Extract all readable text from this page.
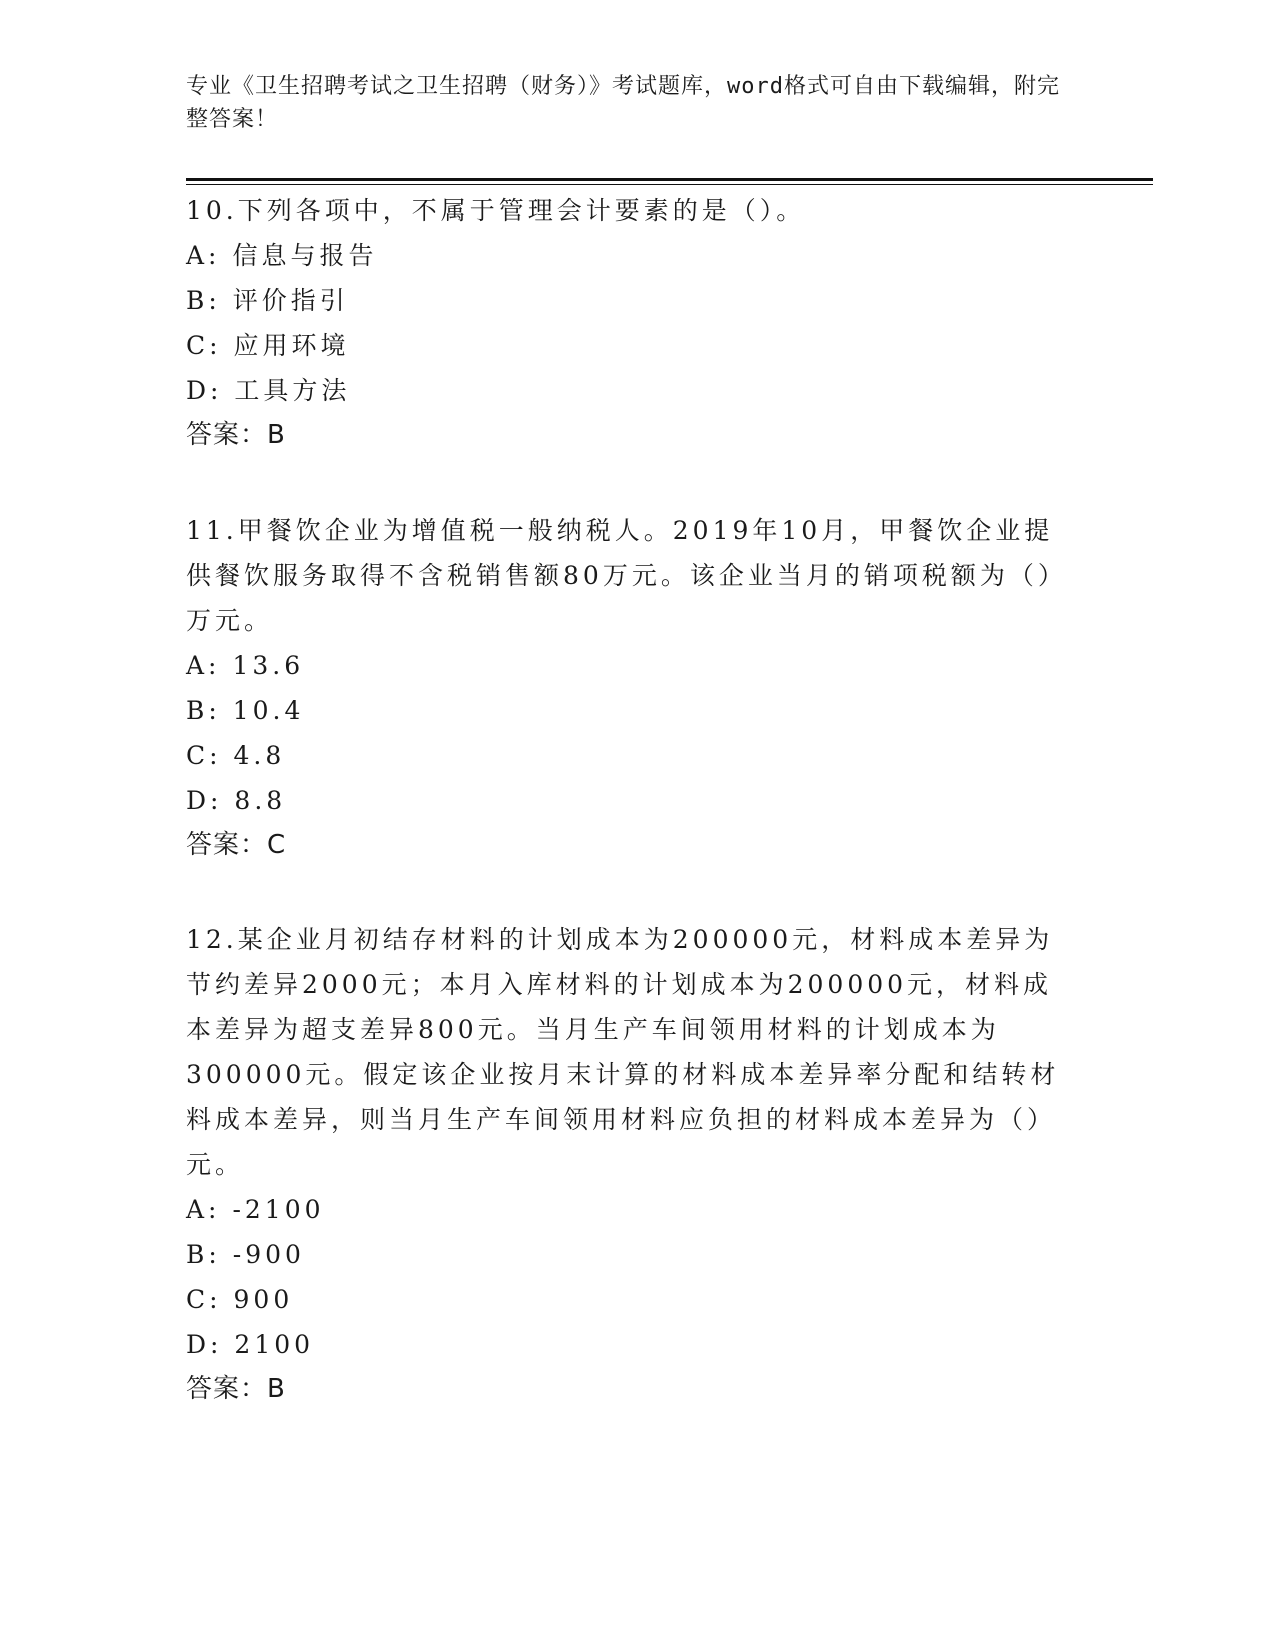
专业《卫生招聘考试之卫生招聘（财务）》考试题库，word格式可自由下载编辑，附完整答案！
10.下列各项中，不属于管理会计要素的是（）。
A: 信息与报告
B: 评价指引
C: 应用环境
D: 工具方法
答案：B
11.甲餐饮企业为增值税一般纳税人。2019年10月，甲餐饮企业提供餐饮服务取得不含税销售额80万元。该企业当月的销项税额为（）万元。
A: 13.6
B: 10.4
C: 4.8
D: 8.8
答案：C
12.某企业月初结存材料的计划成本为200000元，材料成本差异为节约差异2000元；本月入库材料的计划成本为200000元，材料成本差异为超支差异800元。当月生产车间领用材料的计划成本为300000元。假定该企业按月末计算的材料成本差异率分配和结转材料成本差异，则当月生产车间领用材料应负担的材料成本差异为（）元。
A: -2100
B: -900
C: 900
D: 2100
答案：B
